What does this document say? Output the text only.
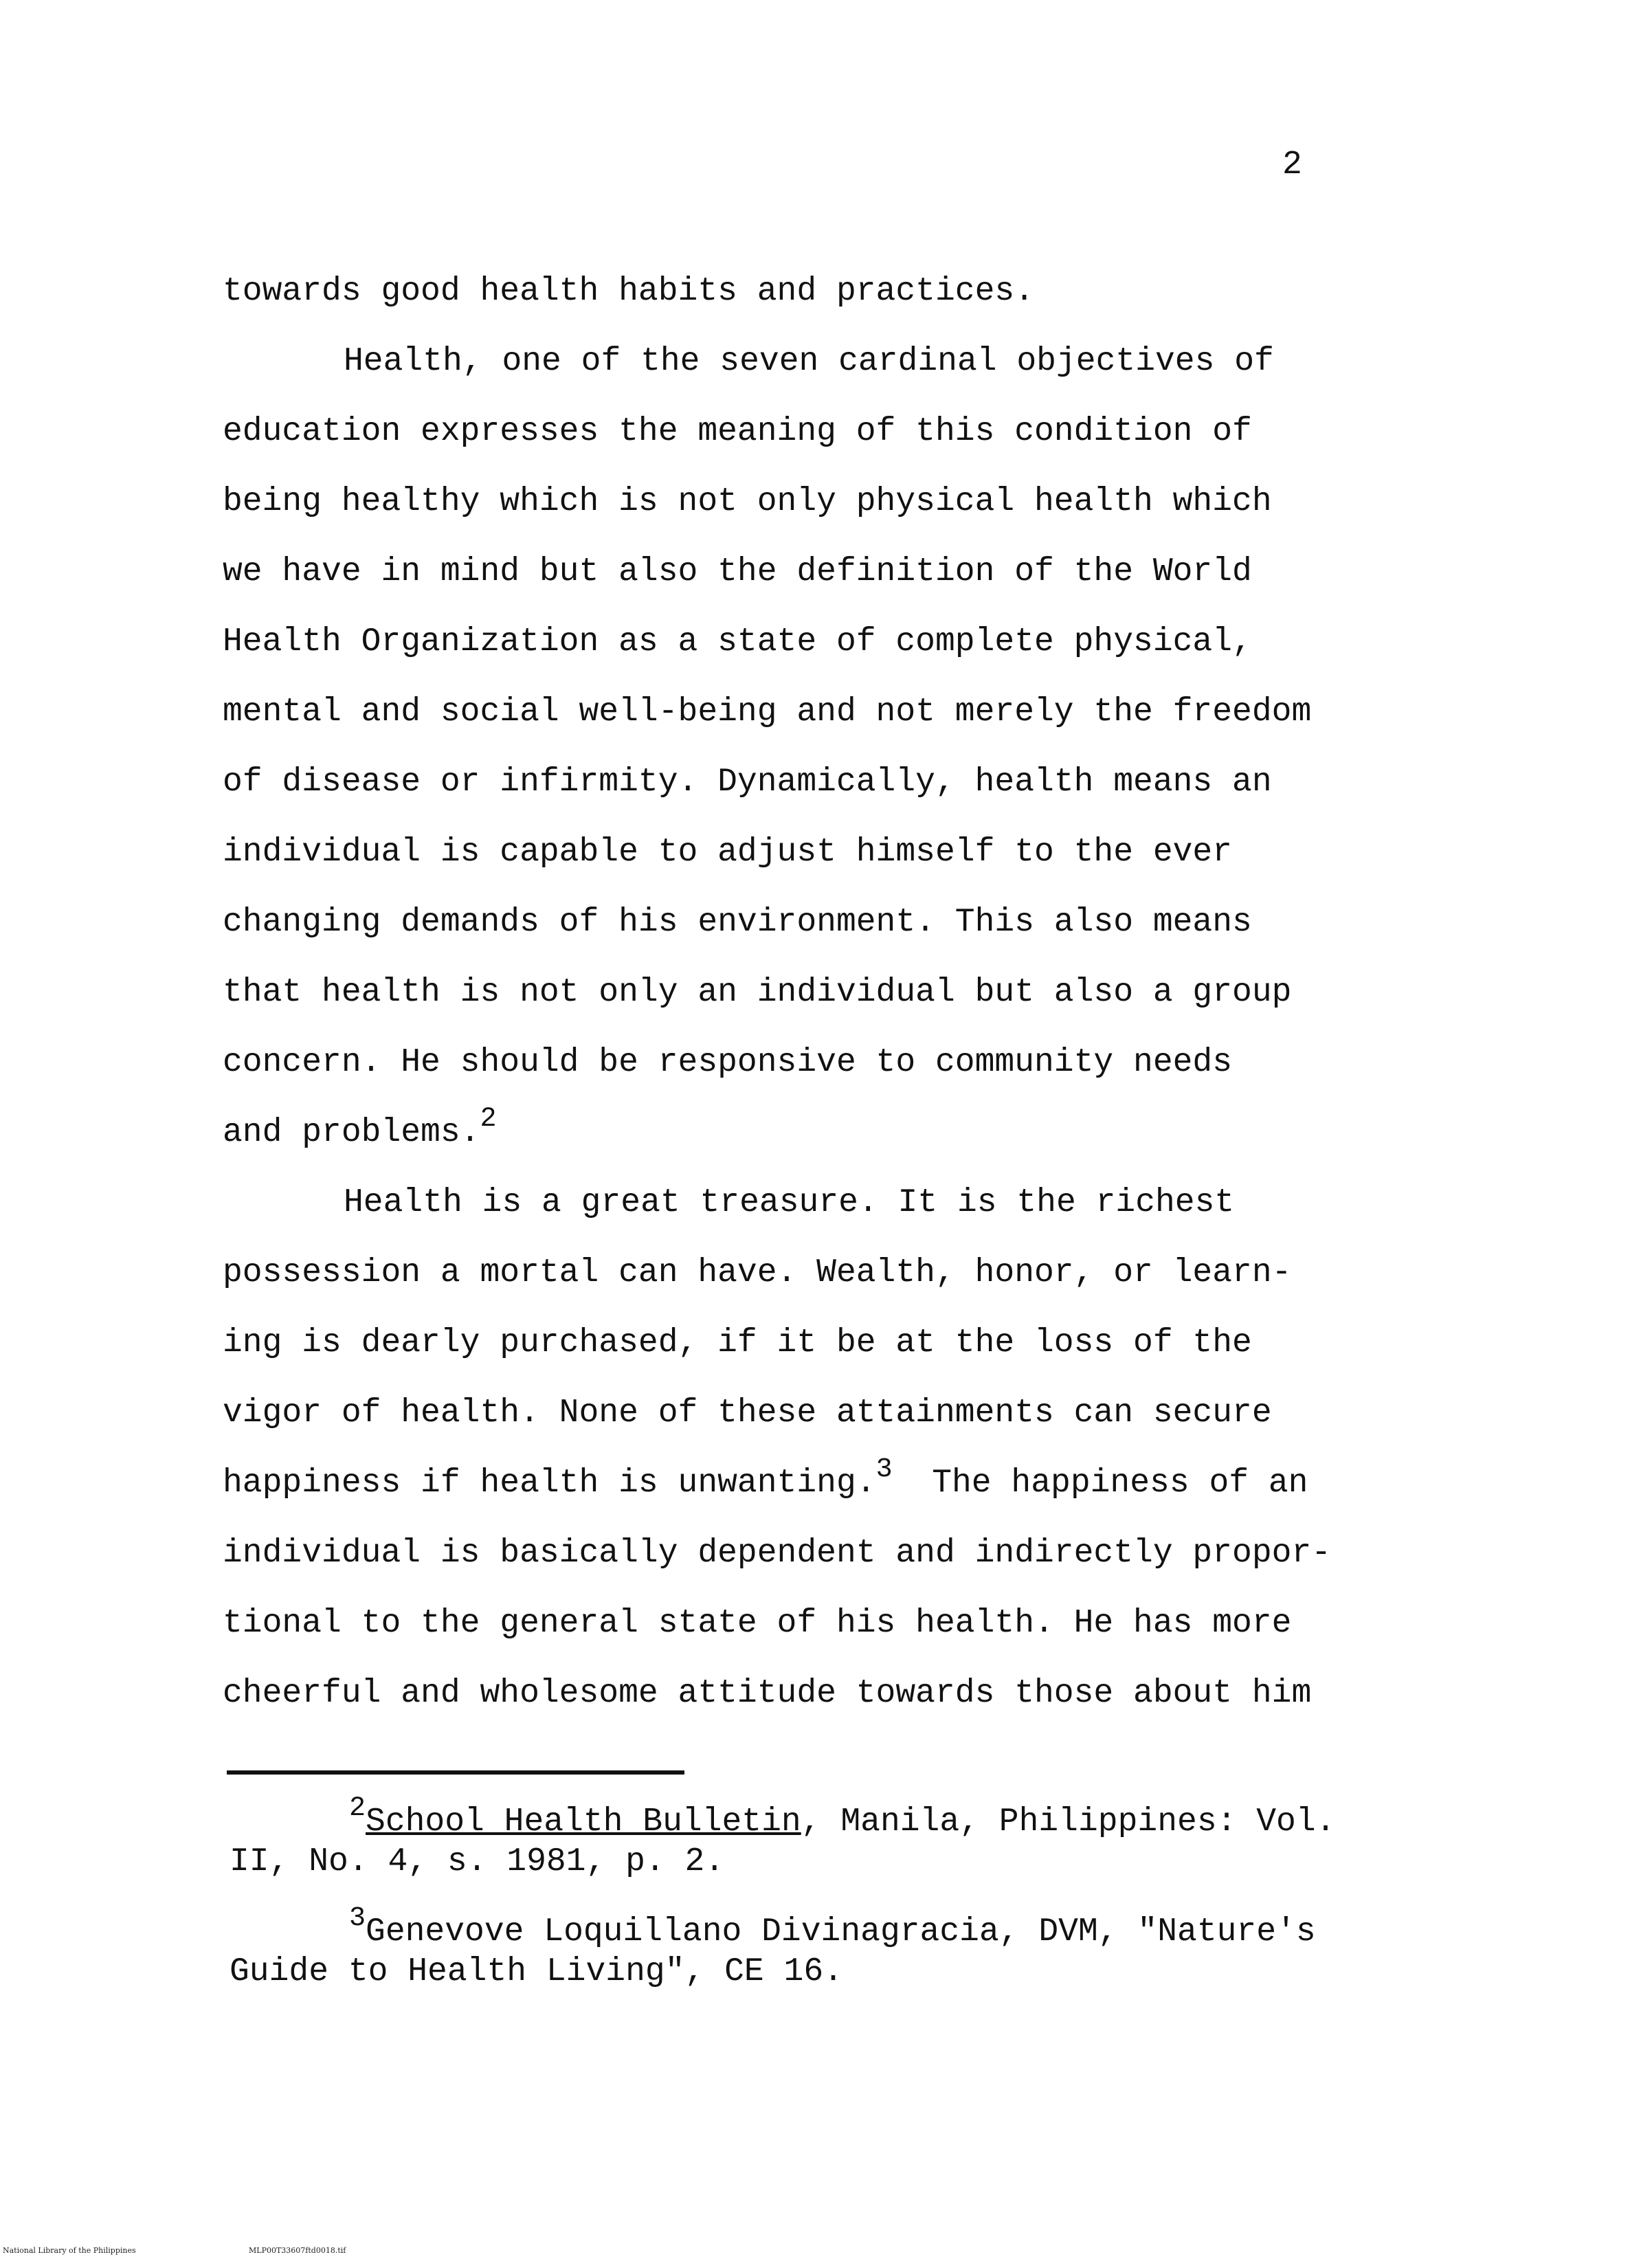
2
towards good health habits and practices.
Health, one of the seven cardinal objectives of
education expresses the meaning of this condition of
being healthy which is not only physical health which
we have in mind but also the definition of the World
Health Organization as a state of complete physical,
mental and social well-being and not merely the freedom
of disease or infirmity. Dynamically, health means an
individual is capable to adjust himself to the ever
changing demands of his environment. This also means
that health is not only an individual but also a group
concern. He should be responsive to community needs
and problems.$^2$
Health is a great treasure. It is the richest
possession a mortal can have. Wealth, honor, or learn-
ing is dearly purchased, if it be at the loss of the
vigor of health. None of these attainments can secure
happiness if health is unwanting.$^3$  The happiness of an
individual is basically dependent and indirectly propor-
tional to the general state of his health. He has more
cheerful and wholesome attitude towards those about him
$^2$School Health Bulletin, Manila, Philippines: Vol.
II, No. 4, s. 1981, p. 2.
$^3$Genevove Loquillano Divinagracia, DVM, "Nature's
Guide to Health Living", CE 16.
National Library of the Philippines	MLP00T33607ftd0018.tif
